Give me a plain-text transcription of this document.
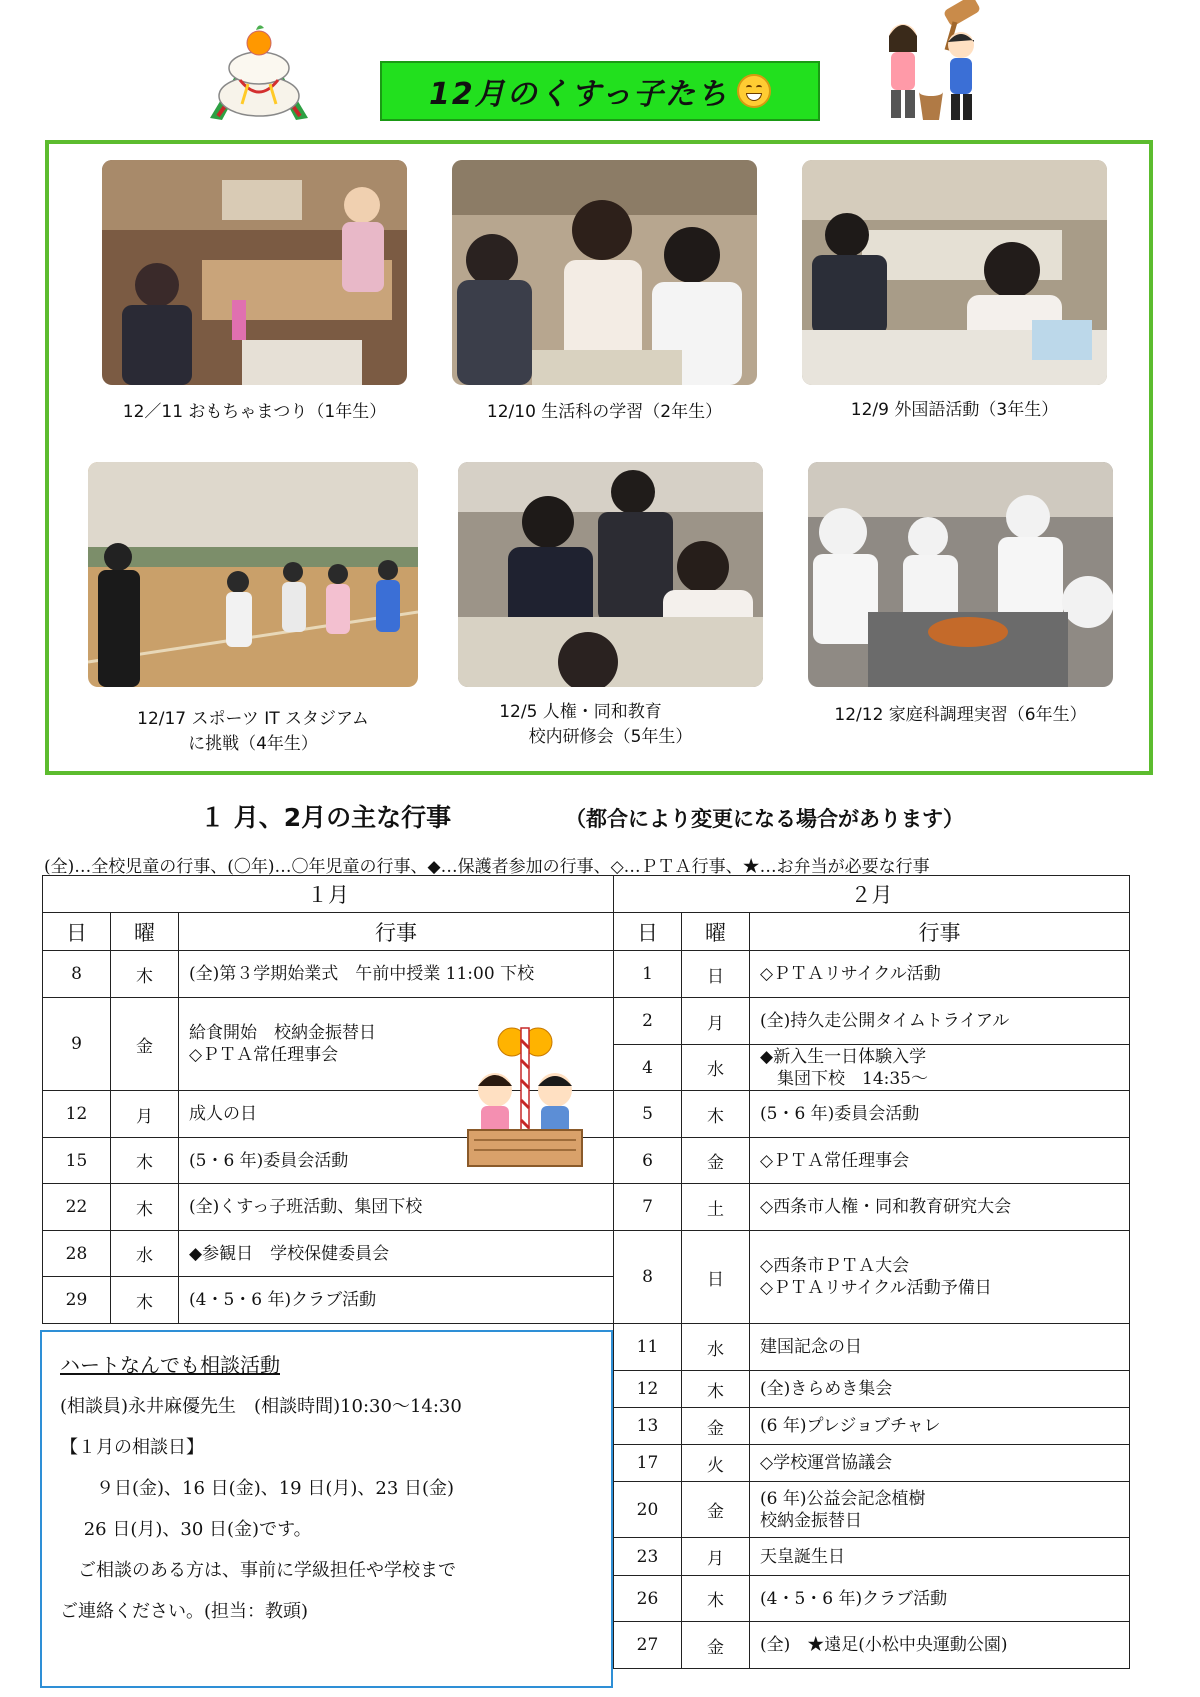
12月のくすっ子たち
12／11 おもちゃまつり（1年生）	12/10 生活科の学習（2年生）	12/9 外国語活動（3年生）
12/17 スポーツ IT スタジアム
に挑戦（4年生）
12/5 人権・同和教育
校内研修会（5年生）
12/12 家庭科調理実習（6年生）
１ 月、2月の主な行事	（都合により変更になる場合があります）
(全)…全校児童の行事、(〇年)…〇年児童の行事、◆…保護者参加の行事、◇…ＰＴＡ行事、★…お弁当が必要な行事
１月		
日	曜	行事
8	木	(全)第３学期始業式　午前中授業 11:00 下校

9	金	給食開始　校納金振替日
◇ＰＴＡ常任理事会

12	月	成人の日

15	木	(5・6 年)委員会活動

22	木	(全)くすっ子班活動、集団下校

28	水	◆参観日　学校保健委員会

29	木	(4・5・6 年)クラブ活動
２月		
日	曜	行事
1	日	◇ＰＴＡリサイクル活動

2	月	(全)持久走公開タイムトライアル

4	水	◆新入生一日体験入学
　集団下校　14:35～

5	木	(5・6 年)委員会活動

6	金	◇ＰＴＡ常任理事会

7	土	◇西条市人権・同和教育研究大会

8	日	◇西条市ＰＴＡ大会
◇ＰＴＡリサイクル活動予備日

11	水	建国記念の日

12	木	(全)きらめき集会

13	金	(6 年)プレジョブチャレ

17	火	◇学校運営協議会

20	金	(6 年)公益会記念植樹
校納金振替日

23	月	天皇誕生日

26	木	(4・5・6 年)クラブ活動

27	金	(全)　★遠足(小松中央運動公園)
ハートなんでも相談活動
(相談員)永井麻優先生　(相談時間)10:30～14:30
【１月の相談日】
　　９日(金)、16 日(金)、19 日(月)、23 日(金)
　 26 日(月)、30 日(金)です。
　ご相談のある方は、事前に学級担任や学校まで
ご連絡ください。(担当：教頭)
